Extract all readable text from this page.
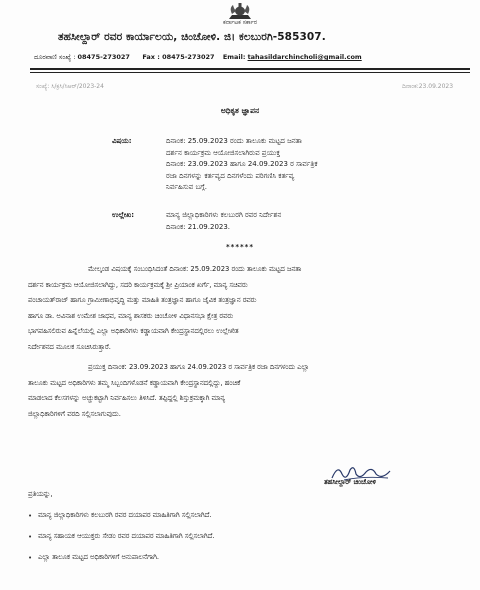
ಕರ್ನಾಟಕ ಸರ್ಕಾರ
ತಹಸೀಲ್ದಾರ್ ರವರ ಕಾರ್ಯಾಲಯ, ಚಿಂಚೋಳಿ. ಜಿ। ಕಲಬುರಗಿ-585307.
ದೂರವಾಣಿ ಸಂಖ್ಯೆ : 08475-273027 Fax : 08475-273027 Email: tahasildarchincholi@gmail.com
ಸಂಖ್ಯೆ: ಸಿ/ಕ್ರಸಿ/ಸಿಆರ್/2023-24	ದಿನಾಂಕ:23.09.2023
ಅಧಿಕೃತ ಜ್ಞಾಪನ
ವಿಷಯ:	ದಿನಾಂಕ: 25.09.2023 ರಂದು ತಾಲೂಕು ಮಟ್ಟದ ಜನತಾ
ದರ್ಶನ ಕಾರ್ಯಕ್ರಮ ಆಯೋಜಿಸಲಾಗಿರುವ ಪ್ರಯುಕ್ತ
ದಿನಾಂಕ: 23.09.2023 ಹಾಗೂ 24.09.2023 ರ ಸಾರ್ವತ್ರಿಕ
ರಜಾ ದಿನಗಳನ್ನು ಕರ್ತವ್ಯದ ದಿನಗಳೆಂದು ಪರಿಗಣಿಸಿ ಕರ್ತವ್ಯ
ನಿರ್ವಹಿಸುವ ಬಗ್ಗೆ.
ಉಲ್ಲೇಖ:	ಮಾನ್ಯ ಜಿಲ್ಲಾಧಿಕಾರಿಗಳು ಕಲಬುರಗಿ ರವರ ನಿರ್ದೇಶನ
ದಿನಾಂಕ: 21.09.2023.
******
ಮೇಲ್ಕಂಡ ವಿಷಯಕ್ಕೆ ಸಂಬಂಧಿಸಿದಂತೆ ದಿನಾಂಕ: 25.09.2023 ರಂದು ತಾಲೂಕು ಮಟ್ಟದ ಜನತಾ
ದರ್ಶನ ಕಾರ್ಯಕ್ರಮ ಆಯೋಜಿಸಲಾಗಿದ್ದು, ಸದರಿ ಕಾರ್ಯಕ್ರಮಕ್ಕೆ ಶ್ರೀ ಪ್ರಿಯಾಂಕ ಖರ್ಗೆ, ಮಾನ್ಯ ಸಚಿವರು
ಪಂಚಾಯತ್‌ರಾಜ್ ಹಾಗೂ ಗ್ರಾಮೀಣಾಭಿವೃದ್ಧಿ ಮತ್ತು ಮಾಹಿತಿ ತಂತ್ರಜ್ಞಾನ ಹಾಗೂ ಜೈವಿಕ ತಂತ್ರಜ್ಞಾನ ರವರು
ಹಾಗೂ ಡಾ. ಅವಿನಾಶ ಉಮೇಶ ಜಾಧವ, ಮಾನ್ಯ ಶಾಸಕರು ಚಿಂಚೋಳಿ ವಿಧಾನಸಭಾ ಕ್ಷೇತ್ರ ರವರು
ಭಾಗವಹಿಸಲಿರುವ ಹಿನ್ನೆಲೆಯಲ್ಲಿ ಎಲ್ಲಾ ಅಧಿಕಾರಿಗಳು ಕಡ್ಡಾಯವಾಗಿ ಕೇಂದ್ರಸ್ಥಾನದಲ್ಲಿರಲು ಉಲ್ಲೇಖಿತ
ನಿರ್ದೇಶನದ ಮೂಲಕ ಸೂಚಿಸಿರುತ್ತಾರೆ.
ಪ್ರಯುಕ್ತ ದಿನಾಂಕ: 23.09.2023 ಹಾಗೂ 24.09.2023 ರ ಸಾರ್ವತ್ರಿಕ ರಜಾ ದಿನಗಳಂದು ಎಲ್ಲಾ
ತಾಲೂಕು ಮಟ್ಟದ ಅಧಿಕಾರಿಗಳು ತಮ್ಮ ಸಿಬ್ಬಂದಿಗಳೊಡನೆ ಕಡ್ಡಾಯವಾಗಿ ಕೇಂದ್ರಸ್ಥಾನದಲ್ಲಿದ್ದು, ಹಂಚಿಕೆ
ಮಾಡಲಾದ ಕೆಲಸಗಳನ್ನು ಅಚ್ಚುಕಟ್ಟಾಗಿ ನಿರ್ವಹಿಸಲು ತಿಳಿಸಿದೆ. ತಪ್ಪಿದ್ದಲ್ಲಿ ಶಿಸ್ತುಕ್ರಮಕ್ಕಾಗಿ ಮಾನ್ಯ
ಜಿಲ್ಲಾಧಿಕಾರಿಗಳಿಗೆ ವರದಿ ಸಲ್ಲಿಸಲಾಗುವುದು.
ತಹಸೀಲ್ದಾರ್ ಚಿಂಚೋಳಿ
ಪ್ರತಿಯನ್ನು,
• ಮಾನ್ಯ ಜಿಲ್ಲಾಧಿಕಾರಿಗಳು ಕಲಬುರಗಿ ರವರ ದಯಾಪರ ಮಾಹಿತಿಗಾಗಿ ಸಲ್ಲಿಸಲಾಗಿದೆ.
• ಮಾನ್ಯ ಸಹಾಯಕ ಆಯುಕ್ತರು ಸೇಡಂ ರವರ ದಯಾಪರ ಮಾಹಿತಿಗಾಗಿ ಸಲ್ಲಿಸಲಾಗಿದೆ.
• ಎಲ್ಲಾ ತಾಲೂಕ ಮಟ್ಟದ ಅಧಿಕಾರಿಗಳಿಗೆ ಅನುಪಾಲನೆಗಾಗಿ.
